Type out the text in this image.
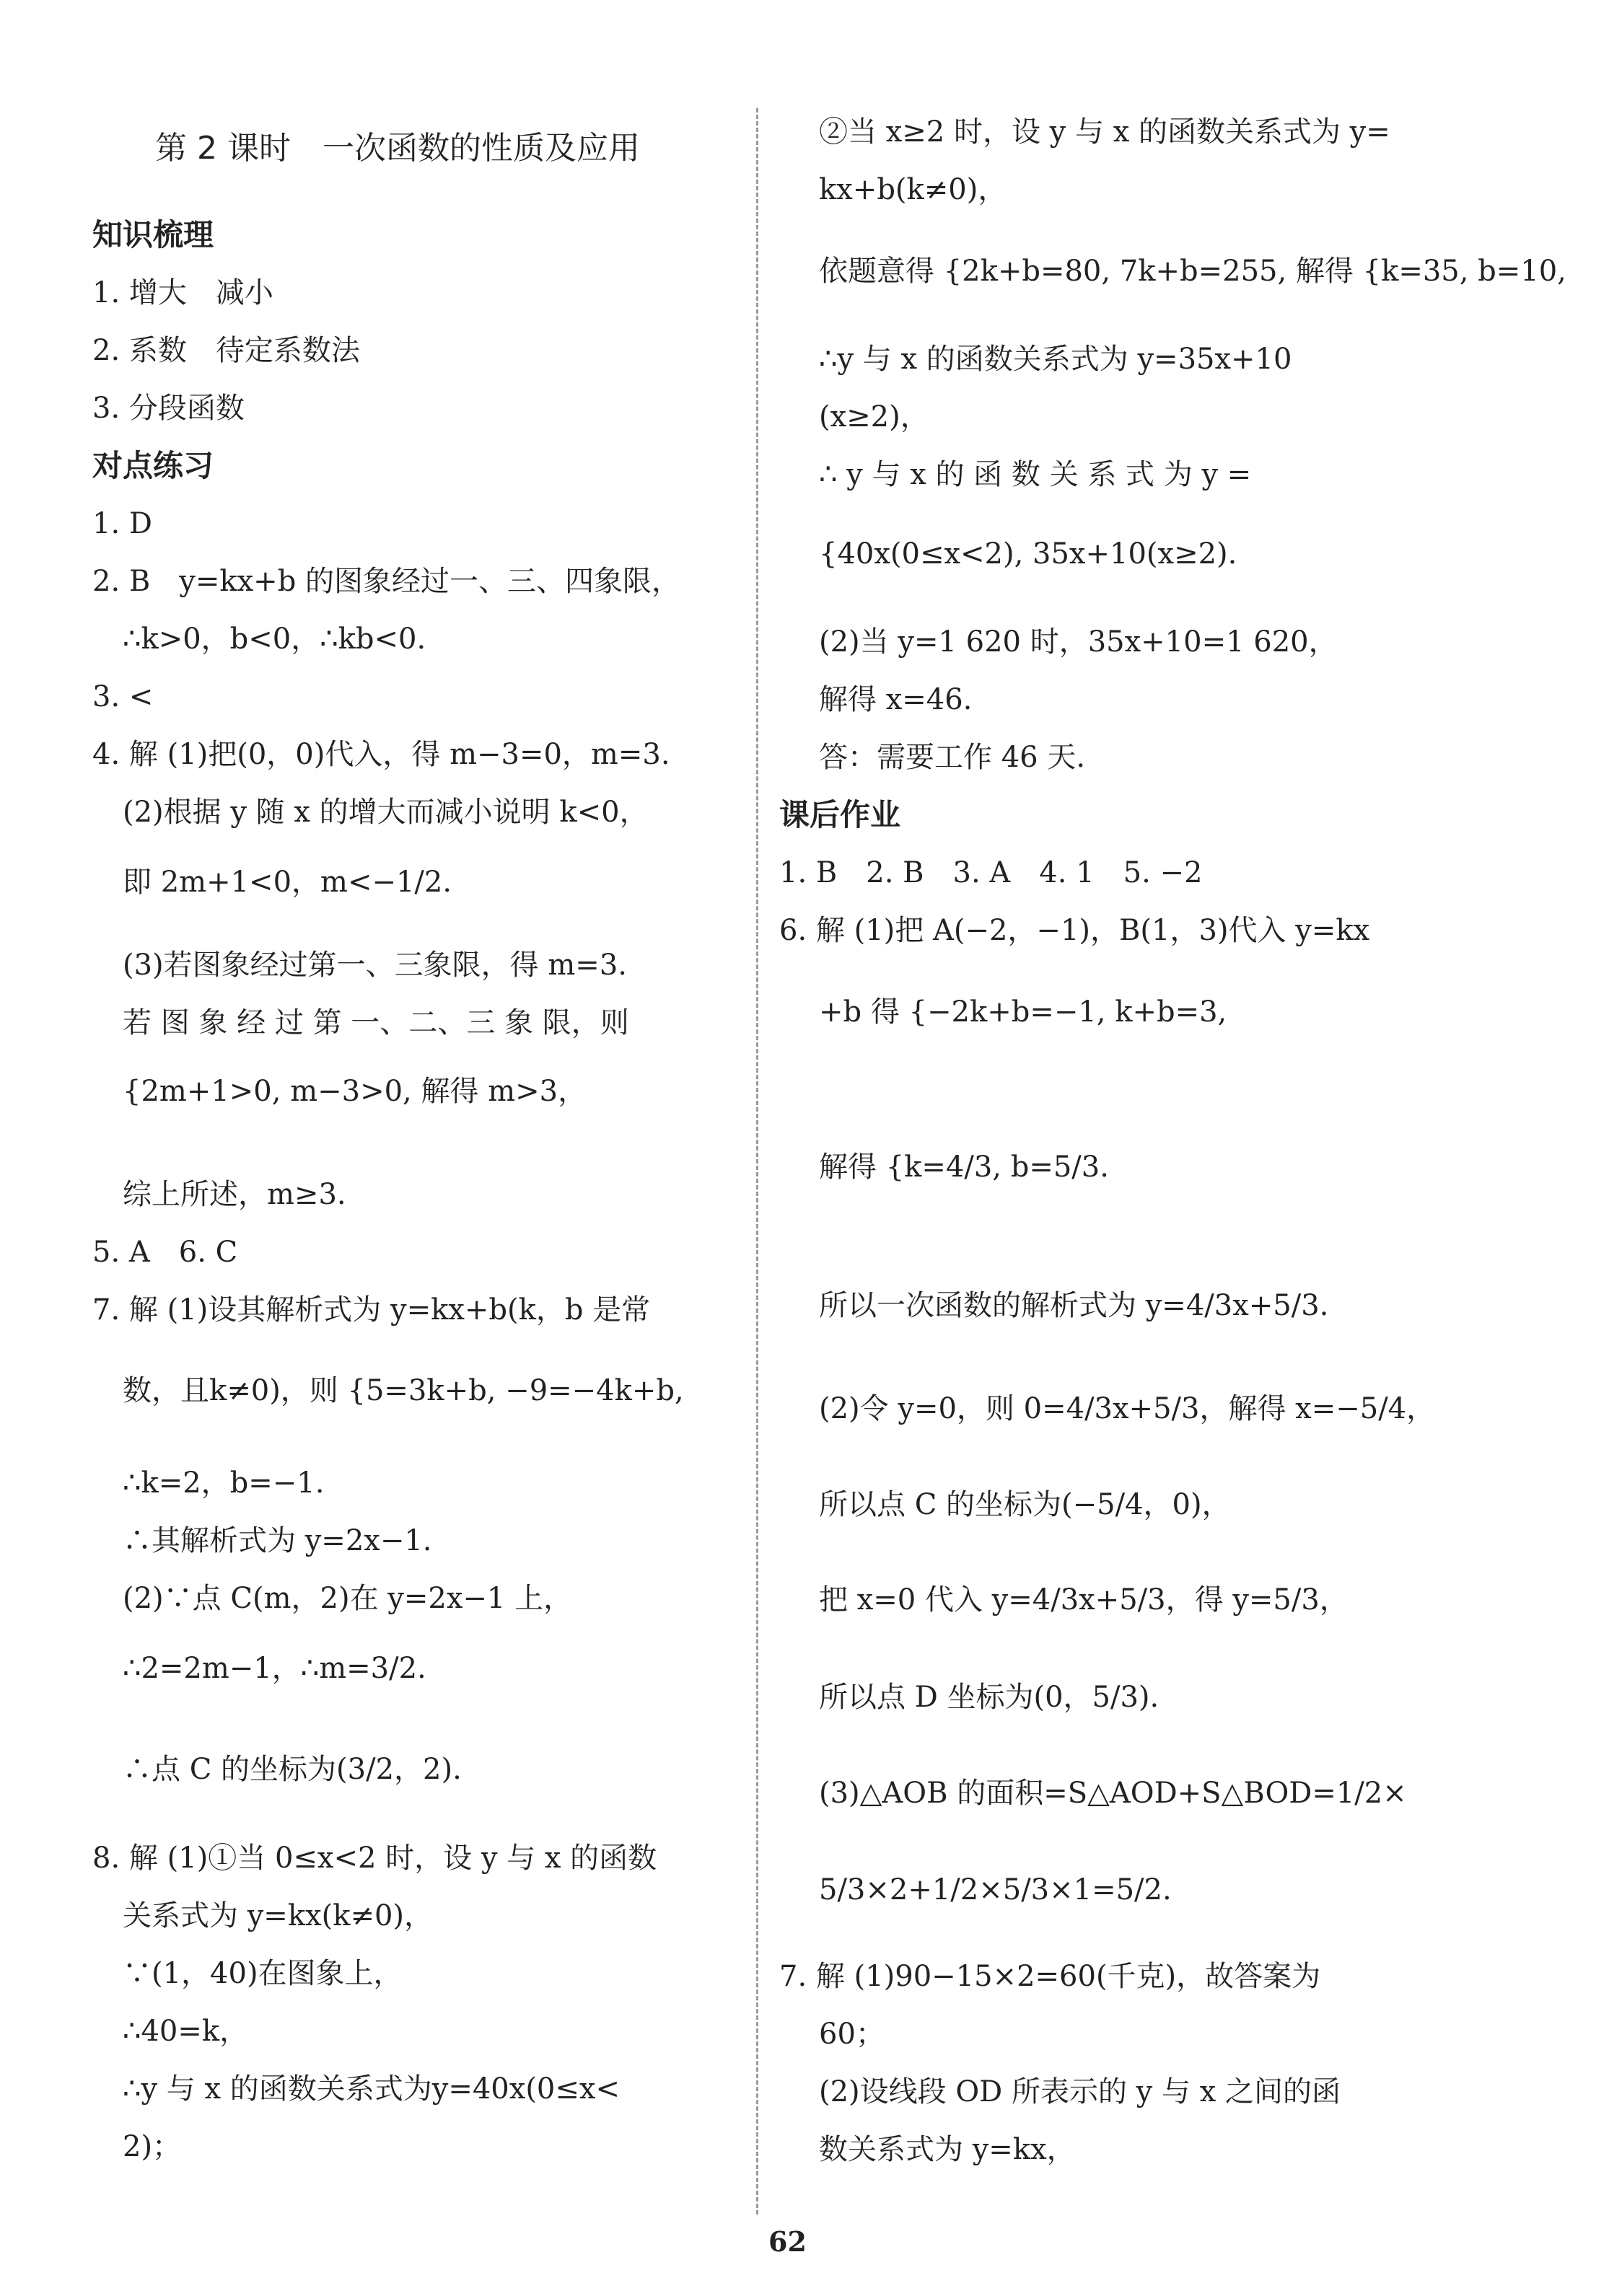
第 2 课时　一次函数的性质及应用
知识梳理
1. 增大　减小
2. 系数　待定系数法
3. 分段函数
对点练习
1. D
2. B　y=kx+b 的图象经过一、三、四象限，
∴k>0，b<0，∴kb<0.
3. <
4. 解 (1)把(0，0)代入，得 m−3=0，m=3.
(2)根据 y 随 x 的增大而减小说明 k<0，
即 2m+1<0，m<−1/2.
(3)若图象经过第一、三象限，得 m=3.
若 图 象 经 过 第 一、二、三 象 限，则
{2m+1>0, m−3>0, 解得 m>3，
综上所述，m≥3.
5. A　6. C
7. 解 (1)设其解析式为 y=kx+b(k，b 是常
数，且k≠0)，则 {5=3k+b, −9=−4k+b,
∴k=2，b=−1.
∴其解析式为 y=2x−1.
(2)∵点 C(m，2)在 y=2x−1 上，
∴2=2m−1，∴m=3/2.
∴点 C 的坐标为(3/2，2).
8. 解 (1)①当 0≤x<2 时，设 y 与 x 的函数
关系式为 y=kx(k≠0)，
∵(1，40)在图象上，
∴40=k，
∴y 与 x 的函数关系式为y=40x(0≤x<
2)；
②当 x≥2 时，设 y 与 x 的函数关系式为 y=
kx+b(k≠0)，
依题意得 {2k+b=80, 7k+b=255, 解得 {k=35, b=10,
∴y 与 x 的函数关系式为 y=35x+10
(x≥2)，
∴ y 与 x 的 函 数 关 系 式 为 y =
{40x(0≤x<2), 35x+10(x≥2).
(2)当 y=1 620 时，35x+10=1 620，
解得 x=46.
答：需要工作 46 天.
课后作业
1. B　2. B　3. A　4. 1　5. −2
6. 解 (1)把 A(−2，−1)，B(1，3)代入 y=kx
+b 得 {−2k+b=−1, k+b=3,
解得 {k=4/3, b=5/3.
所以一次函数的解析式为 y=4/3x+5/3.
(2)令 y=0，则 0=4/3x+5/3，解得 x=−5/4，
所以点 C 的坐标为(−5/4，0)，
把 x=0 代入 y=4/3x+5/3，得 y=5/3，
所以点 D 坐标为(0，5/3).
(3)△AOB 的面积=S△AOD+S△BOD=1/2×
5/3×2+1/2×5/3×1=5/2.
7. 解 (1)90−15×2=60(千克)，故答案为
60；
(2)设线段 OD 所表示的 y 与 x 之间的函
数关系式为 y=kx，
62
